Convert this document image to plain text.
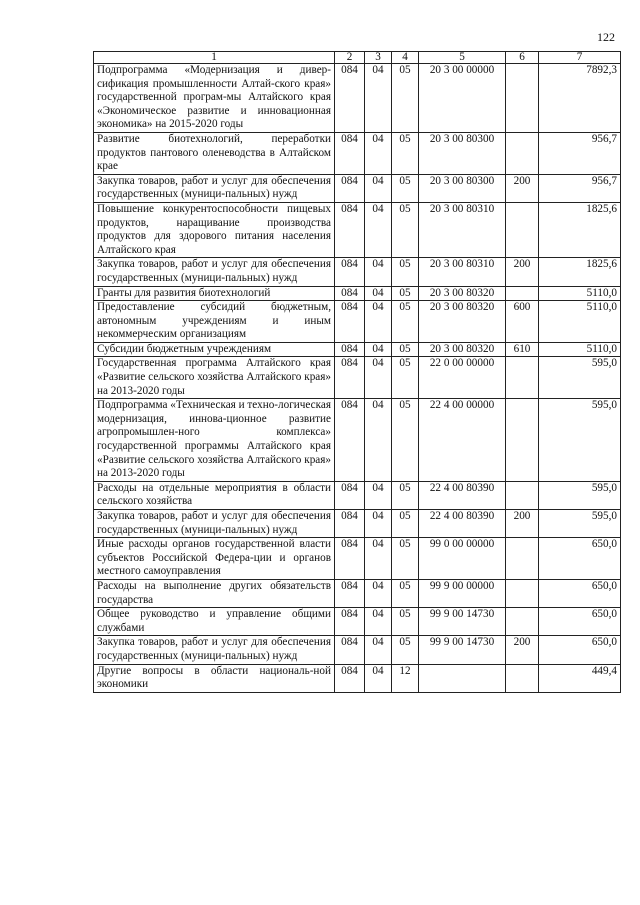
122
1	2	3	4	5	6	7
Подпрограмма «Модернизация и дивер-сификация промышленности Алтай-ского края» государственной програм-мы Алтайского края «Экономическое развитие и инновационная экономика» на 2015-2020 годы	084	04	05	20 3 00 00000		7892,3
Развитие биотехнологий, переработки продуктов пантового оленеводства в Алтайском крае	084	04	05	20 3 00 80300		956,7
Закупка товаров, работ и услуг для обеспечения государственных (муници-пальных) нужд	084	04	05	20 3 00 80300	200	956,7
Повышение конкурентоспособности пищевых продуктов, наращивание производства продуктов для здорового питания населения Алтайского края	084	04	05	20 3 00 80310		1825,6
Закупка товаров, работ и услуг для обеспечения государственных (муници-пальных) нужд	084	04	05	20 3 00 80310	200	1825,6
Гранты для развития биотехнологий	084	04	05	20 3 00 80320		5110,0
Предоставление субсидий бюджетным, автономным учреждениям и иным некоммерческим организациям	084	04	05	20 3 00 80320	600	5110,0
Субсидии бюджетным учреждениям	084	04	05	20 3 00 80320	610	5110,0
Государственная программа Алтайского края «Развитие сельского хозяйства Алтайского края» на 2013-2020 годы	084	04	05	22 0 00 00000		595,0
Подпрограмма «Техническая и техно-логическая модернизация, иннова-ционное развитие агропромышлен-ного комплекса» государственной программы Алтайского края «Развитие сельского хозяйства Алтайского края» на 2013-2020 годы	084	04	05	22 4 00 00000		595,0
Расходы на отдельные мероприятия в области сельского хозяйства	084	04	05	22 4 00 80390		595,0
Закупка товаров, работ и услуг для обеспечения государственных (муници-пальных) нужд	084	04	05	22 4 00 80390	200	595,0
Иные расходы органов государственной власти субъектов Российской Федера-ции и органов местного самоуправления	084	04	05	99 0 00 00000		650,0
Расходы на выполнение других обязательств государства	084	04	05	99 9 00 00000		650,0
Общее руководство и управление общими службами	084	04	05	99 9 00 14730		650,0
Закупка товаров, работ и услуг для обеспечения государственных (муници-пальных) нужд	084	04	05	99 9 00 14730	200	650,0
Другие вопросы в области националь-ной экономики	084	04	12			449,4
